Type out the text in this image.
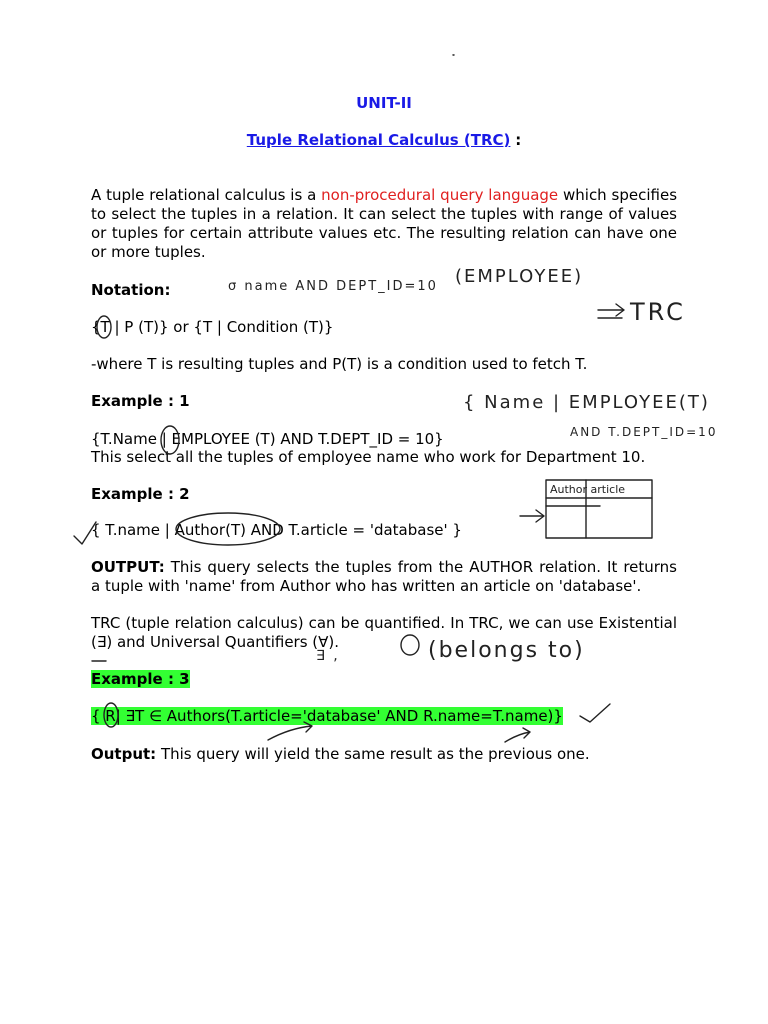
UNIT-II
Tuple Relational Calculus (TRC) :
A tuple relational calculus is a non-procedural query language which specifies to select the tuples in a relation. It can select the tuples with range of values or tuples for certain attribute values etc. The resulting relation can have one or more tuples.
Notation:
{T | P (T)} or {T | Condition (T)}
-where T is resulting tuples and P(T) is a condition used to fetch T.
Example : 1
{T.Name | EMPLOYEE (T) AND T.DEPT_ID = 10}
This select all the tuples of employee name who work for Department 10.
Example : 2
{ T.name | Author(T) AND T.article = 'database' }
OUTPUT: This query selects the tuples from the AUTHOR relation. It returns a tuple with 'name' from Author who has written an article on 'database'.
TRC (tuple relation calculus) can be quantified. In TRC, we can use Existential (∃) and Universal Quantifiers (∀).
Example : 3
{ R| ∃T ∈ Authors(T.article='database' AND R.name=T.name)}
Output: This query will yield the same result as the previous one.
σ name AND DEPT_ID=10 (EMPLOYEE)
TRC
{ Name | EMPLOYEE(T)
AND T.DEPT_ID=10
Author article
(belongs to)
∃ ,
